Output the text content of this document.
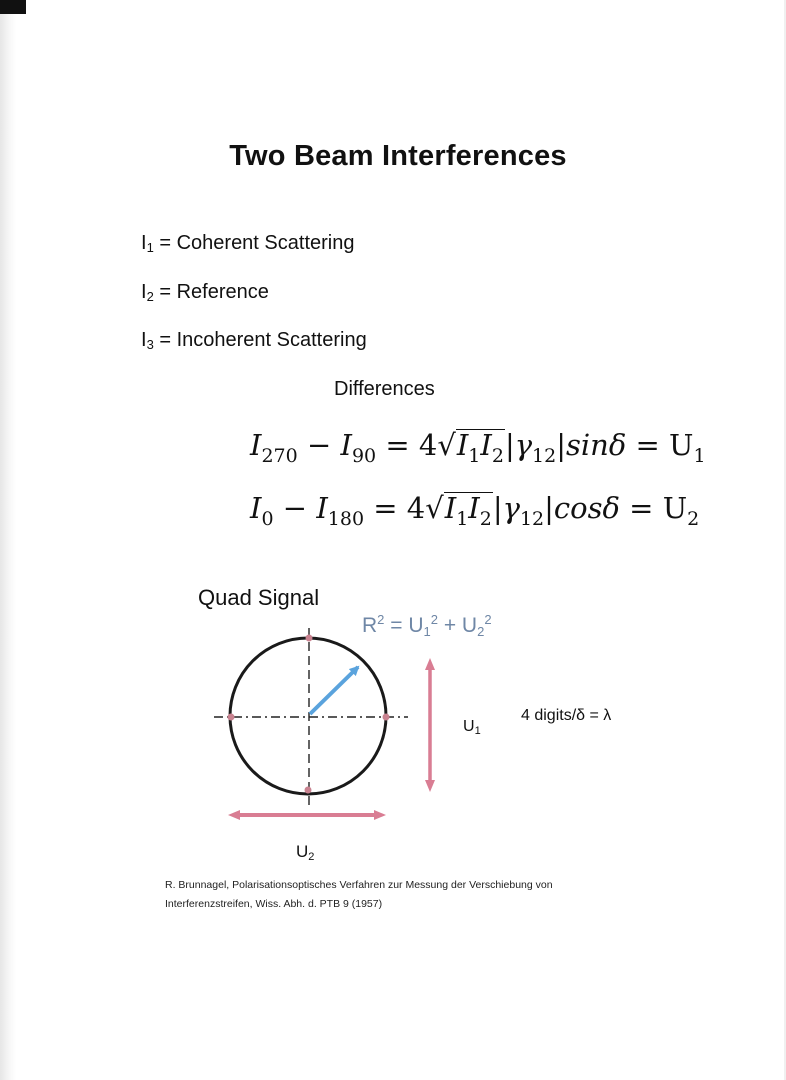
Two Beam Interferences
$I_1$ = Coherent Scattering
$I_2$ = Reference
$I_3$ = Incoherent Scattering
Differences
$I_{270} - I_{90} = 4√I_1I_2|\gamma_{12}|\sin\delta = U_1$
$I_0 - I_{180} = 4√I_1I_2|\gamma_{12}|\cos\delta = U_2$
Quad Signal
$R^2 = U_1^2 + U_2^2$
$U_1$
4 digits/δ = λ
$U_2$
R. Brunnagel, Polarisationsoptisches Verfahren zur Messung der Verschiebung von
Interferenzstreifen, Wiss. Abh. d. PTB 9 (1957)
